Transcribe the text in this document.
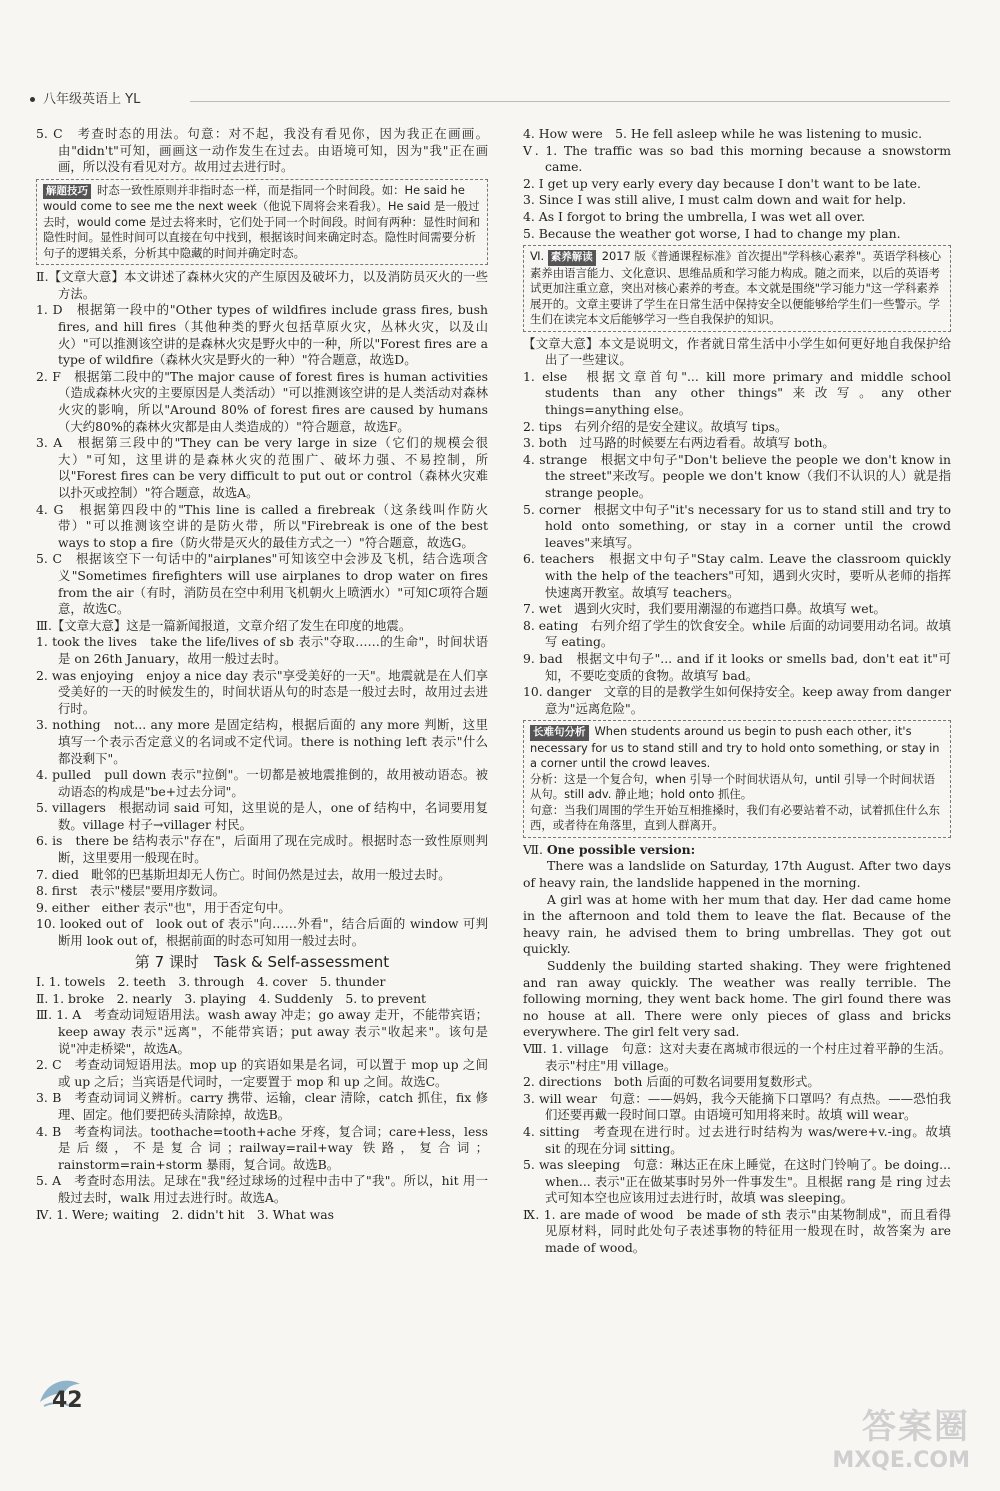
八年级英语上 YL
5. C　考查时态的用法。句意：对不起，我没有看见你，因为我正在画画。由"didn't"可知，画画这一动作发生在过去。由语境可知，因为"我"正在画画，所以没有看见对方。故用过去进行时。
解题技巧 时态一致性原则并非指时态一样，而是指同一个时间段。如：He said he would come to see me the next week（他说下周将会来看我）。He said 是一般过去时，would come 是过去将来时，它们处于同一个时间段。时间有两种：显性时间和隐性时间。显性时间可以直接在句中找到，根据该时间来确定时态。隐性时间需要分析句子的逻辑关系，分析其中隐藏的时间并确定时态。
Ⅱ.【文章大意】本文讲述了森林火灾的产生原因及破坏力，以及消防员灭火的一些方法。
1. D　根据第一段中的"Other types of wildfires include grass fires, bush fires, and hill fires（其他种类的野火包括草原火灾，丛林火灾，以及山火）"可以推测该空讲的是森林火灾是野火中的一种，所以"Forest fires are a type of wildfire（森林火灾是野火的一种）"符合题意，故选D。
2. F　根据第二段中的"The major cause of forest fires is human activities（造成森林火灾的主要原因是人类活动）"可以推测该空讲的是人类活动对森林火灾的影响，所以"Around 80% of forest fires are caused by humans（大约80%的森林火灾都是由人类造成的）"符合题意，故选F。
3. A　根据第三段中的"They can be very large in size（它们的规模会很大）"可知，这里讲的是森林火灾的范围广、破坏力强、不易控制，所以"Forest fires can be very difficult to put out or control（森林火灾难以扑灭或控制）"符合题意，故选A。
4. G　根据第四段中的"This line is called a firebreak（这条线叫作防火带）"可以推测该空讲的是防火带，所以"Firebreak is one of the best ways to stop a fire（防火带是灭火的最佳方式之一）"符合题意，故选G。
5. C　根据该空下一句话中的"airplanes"可知该空中会涉及飞机，结合选项含义"Sometimes firefighters will use airplanes to drop water on fires from the air（有时，消防员在空中利用飞机朝火上喷洒水）"可知C项符合题意，故选C。
Ⅲ.【文章大意】这是一篇新闻报道，文章介绍了发生在印度的地震。
1. took the lives　take the life/lives of sb 表示"夺取……的生命"，时间状语是 on 26th January，故用一般过去时。
2. was enjoying　enjoy a nice day 表示"享受美好的一天"。地震就是在人们享受美好的一天的时候发生的，时间状语从句的时态是一般过去时，故用过去进行时。
3. nothing　not... any more 是固定结构，根据后面的 any more 判断，这里填写一个表示否定意义的名词或不定代词。there is nothing left 表示"什么都没剩下"。
4. pulled　pull down 表示"拉倒"。一切都是被地震推倒的，故用被动语态。被动语态的构成是"be+过去分词"。
5. villagers　根据动词 said 可知，这里说的是人，one of 结构中，名词要用复数。village 村子→villager 村民。
6. is　there be 结构表示"存在"，后面用了现在完成时。根据时态一致性原则判断，这里要用一般现在时。
7. died　毗邻的巴基斯坦却无人伤亡。时间仍然是过去，故用一般过去时。
8. first　表示"楼层"要用序数词。
9. either　either 表示"也"，用于否定句中。
10. looked out of　look out of 表示"向……外看"，结合后面的 window 可判断用 look out of，根据前面的时态可知用一般过去时。
第 7 课时　Task & Self-assessment
Ⅰ. 1. towels　2. teeth　3. through　4. cover　5. thunder
Ⅱ. 1. broke　2. nearly　3. playing　4. Suddenly　5. to prevent
Ⅲ. 1. A　考查动词短语用法。wash away 冲走；go away 走开，不能带宾语；keep away 表示"远离"，不能带宾语；put away 表示"收起来"。该句是说"冲走桥梁"，故选A。
2. C　考查动词短语用法。mop up 的宾语如果是名词，可以置于 mop up 之间或 up 之后；当宾语是代词时，一定要置于 mop 和 up 之间。故选C。
3. B　考查动词词义辨析。carry 携带、运输，clear 清除，catch 抓住，fix 修理、固定。他们要把砖头清除掉，故选B。
4. B　考查构词法。toothache=tooth+ache 牙疼，复合词；care+less，less 是后缀，不是复合词；railway=rail+way 铁路，复合词；rainstorm=rain+storm 暴雨，复合词。故选B。
5. A　考查时态用法。足球在"我"经过球场的过程中击中了"我"。所以，hit 用一般过去时，walk 用过去进行时。故选A。
Ⅳ. 1. Were; waiting　2. didn't hit　3. What was
4. How were　5. He fell asleep while he was listening to music.
Ⅴ. 1. The traffic was so bad this morning because a snowstorm came.
2. I get up very early every day because I don't want to be late.
3. Since I was still alive, I must calm down and wait for help.
4. As I forgot to bring the umbrella, I was wet all over.
5. Because the weather got worse, I had to change my plan.
Ⅵ. 素养解读 2017 版《普通课程标准》首次提出"学科核心素养"。英语学科核心素养由语言能力、文化意识、思维品质和学习能力构成。随之而来，以后的英语考试更加注重立意，突出对核心素养的考查。本文就是围绕"学习能力"这一学科素养展开的。文章主要讲了学生在日常生活中保持安全以便能够给学生们一些警示。学生们在读完本文后能够学习一些自我保护的知识。
【文章大意】本文是说明文，作者就日常生活中小学生如何更好地自我保护给出了一些建议。
1. else　根据文章首句"... kill more primary and middle school students than any other things"来改写。any other things=anything else。
2. tips　右列介绍的是安全建议。故填写 tips。
3. both　过马路的时候要左右两边看看。故填写 both。
4. strange　根据文中句子"Don't believe the people we don't know in the street"来改写。people we don't know（我们不认识的人）就是指 strange people。
5. corner　根据文中句子"it's necessary for us to stand still and try to hold onto something, or stay in a corner until the crowd leaves"来填写。
6. teachers　根据文中句子"Stay calm. Leave the classroom quickly with the help of the teachers"可知，遇到火灾时，要听从老师的指挥快速离开教室。故填写 teachers。
7. wet　遇到火灾时，我们要用潮湿的布遮挡口鼻。故填写 wet。
8. eating　右列介绍了学生的饮食安全。while 后面的动词要用动名词。故填写 eating。
9. bad　根据文中句子"... and if it looks or smells bad, don't eat it"可知，不要吃变质的食物。故填写 bad。
10. danger　文章的目的是教学生如何保持安全。keep away from danger 意为"远离危险"。
长难句分析 When students around us begin to push each other, it's necessary for us to stand still and try to hold onto something, or stay in a corner until the crowd leaves.
分析：这是一个复合句，when 引导一个时间状语从句，until 引导一个时间状语从句。still adv. 静止地；hold onto 抓住。
句意：当我们周围的学生开始互相推搡时，我们有必要站着不动，试着抓住什么东西，或者待在角落里，直到人群离开。
Ⅶ. One possible version:

There was a landslide on Saturday, 17th August. After two days of heavy rain, the landslide happened in the morning.

A girl was at home with her mum that day. Her dad came home in the afternoon and told them to leave the flat. Because of the heavy rain, he advised them to bring umbrellas. They got out quickly.

Suddenly the building started shaking. They were frightened and ran away quickly. The weather was really terrible. The following morning, they went back home. The girl found there was no house at all. There were only pieces of glass and bricks everywhere. The girl felt very sad.

Ⅷ. 1. village　句意：这对夫妻在离城市很远的一个村庄过着平静的生活。表示"村庄"用 village。
2. directions　both 后面的可数名词要用复数形式。
3. will wear　句意：——妈妈，我今天能摘下口罩吗？有点热。——恐怕我们还要再戴一段时间口罩。由语境可知用将来时。故填 will wear。
4. sitting　考查现在进行时。过去进行时结构为 was/were+v.-ing。故填 sit 的现在分词 sitting。
5. was sleeping　句意：琳达正在床上睡觉，在这时门铃响了。be doing... when... 表示"正在做某事时另外一件事发生"。且根据 rang 是 ring 过去式可知本空也应该用过去进行时，故填 was sleeping。
Ⅸ. 1. are made of wood　be made of sth 表示"由某物制成"，而且看得见原材料，同时此处句子表述事物的特征用一般现在时，故答案为 are made of wood。
42
答案圈
MXQE.COM
